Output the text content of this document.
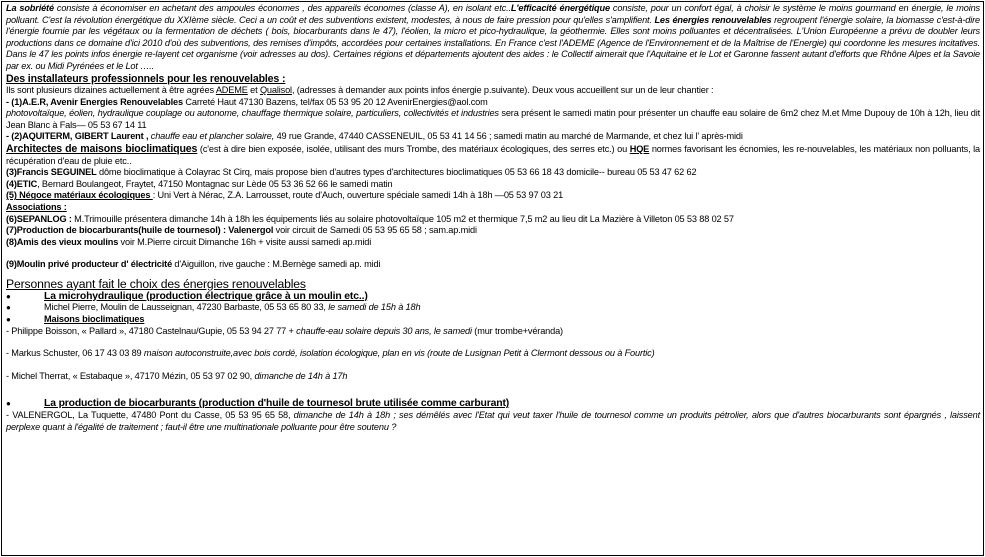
La sobriété consiste à économiser en achetant des ampoules économes , des appareils économes (classe A), en isolant etc..L'efficacité énergétique consiste, pour un confort égal, à choisir le système le moins gourmand en énergie, le moins polluant. C'est la révolution énergétique du XXIème siècle. Ceci a un coût et des subventions existent, modestes, à nous de faire pression pour qu'elles s'amplifient. Les énergies renouvelables regroupent l'énergie solaire, la biomasse c'est-à-dire l'énergie fournie par les végétaux ou la fermentation de déchets ( bois, biocarburants dans le 47), l'éolien, la micro et pico-hydraulique, la géothermie. Elles sont moins polluantes et décentralisées. L'Union Européenne a prévu de doubler leurs productions dans ce domaine d'ici 2010 d'où des subventions, des remises d'impôts, accordées pour certaines installations. En France c'est l'ADEME (Agence de l'Environnement et de la Maîtrise de l'Energie) qui coordonne les mesures incitatives. Dans le 47 les points infos énergie re-layent cet organisme (voir adresses au dos). Certaines régions et départements ajoutent des aides : le Collectif aimerait que l'Aquitaine et le Lot et Garonne fassent autant d'efforts que Rhône Alpes et la Savoie par ex. ou Midi Pyrénées et le Lot …..

Des installateurs professionnels pour les renouvelables :

Ils sont plusieurs dizaines actuellement à être agrées ADEME et Qualisol, (adresses à demander aux points infos énergie p.suivante). Deux vous accueillent sur un de leur chantier :

- (1)A.E.R, Avenir Energies Renouvelables Carreté Haut 47130 Bazens, tel/fax 05 53 95 20 12 AvenirEnergies@aol.com
photovoltaïque, éolien, hydraulique couplage ou autonome, chauffage thermique solaire, particuliers, collectivités et industries sera présent le samedi matin pour présenter un chauffe eau solaire de 6m2 chez M.et Mme Dupouy de 10h à 12h, lieu dit Jean Blanc à Fals— 05 53 67 14 11

- (2)AQUITERM, GIBERT Laurent , chauffe eau et plancher solaire, 49 rue Grande, 47440 CASSENEUIL, 05 53 41 14 56 ; samedi matin au marché de Marmande, et chez lui l' après-midi

Architectes de maisons bioclimatiques (c'est à dire bien exposée, isolée, utilisant des murs Trombe, des matériaux écologiques, des serres etc.) ou HQE normes favorisant les écnomies, les re-nouvelables, les matériaux non polluants, la récupération d'eau de pluie etc..

(3)Francis SEGUINEL dôme bioclimatique à Colayrac St Cirq, mais propose bien d'autres types d'architectures bioclimatiques 05 53 66 18 43 domicile-- bureau 05 53 47 62 62

(4)ETIC, Bernard Boulangeot, Fraytet, 47150 Montagnac sur Lède 05 53 36 52 66 le samedi matin

(5) Négoce matériaux écologiques : Uni Vert à Nérac, Z.A. Larrousset, route d'Auch, ouverture spéciale samedi 14h à 18h —05 53 97 03 21

Associations :

(6)SEPANLOG : M.Trimouille présentera dimanche 14h à 18h les équipements liés au solaire photovoltaïque 105 m2 et thermique 7,5 m2 au lieu dit La Mazière à Villeton 05 53 88 02 57

(7)Production de biocarburants(huile de tournesol) : Valenergol voir circuit de Samedi 05 53 95 65 58 ; sam.ap.midi

(8)Amis des vieux moulins voir M.Pierre circuit Dimanche 16h + visite aussi samedi ap.midi

(9)Moulin privé producteur d' électricité d'Aiguillon, rive gauche : M.Bernège samedi ap. midi

Personnes ayant fait le choix des énergies renouvelables
●	La microhydraulique (production électrique grâce à un moulin etc..)
●	Michel Pierre, Moulin de Lausseignan, 47230 Barbaste, 05 53 65 80 33, le samedi de 15h à 18h
●	Maisons bioclimatiques

- Philippe Boisson, « Pallard », 47180 Castelnau/Gupie, 05 53 94 27 77 + chauffe-eau solaire depuis 30 ans, le samedi (mur trombe+véranda)

- Markus Schuster, 06 17 43 03 89 maison autoconstruite,avec bois cordé, isolation écologique, plan en vis (route de Lusignan Petit à Clermont dessous ou à Fourtic)

- Michel Therrat, « Estabaque », 47170 Mézin, 05 53 97 02 90, dimanche de 14h à 17h

●	La production de biocarburants (production d'huile de tournesol brute utilisée comme carburant)

- VALENERGOL, La Tuquette, 47480 Pont du Casse, 05 53 95 65 58, dimanche de 14h à 18h ; ses démêlés avec l'Etat qui veut taxer l'huile de tournesol comme un produits pétrolier, alors que d'autres biocarburants sont épargnés , laissent perplexe quant à l'égalité de traitement ; faut-il être une multinationale polluante pour être soutenu ?
